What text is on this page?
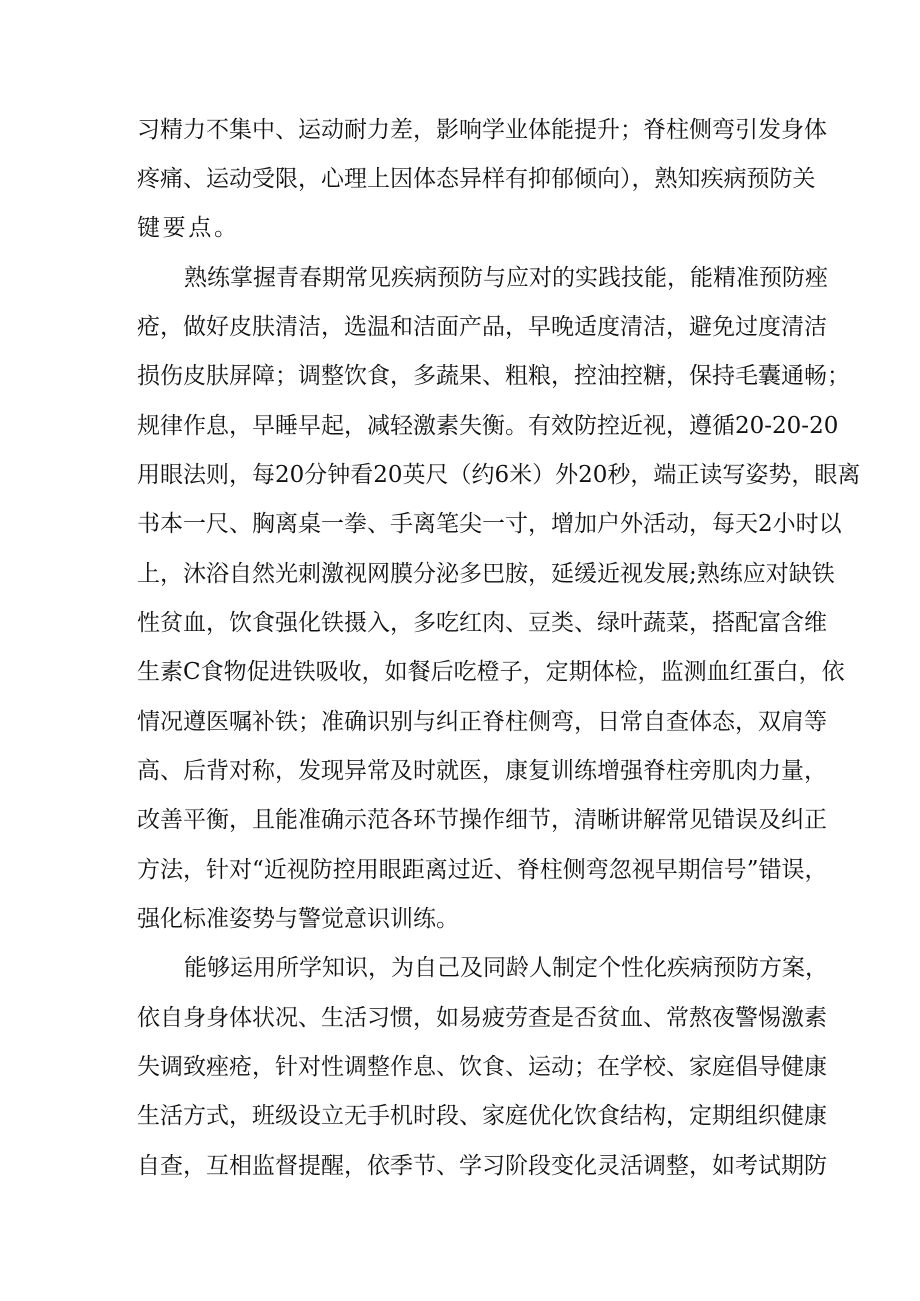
习精力不集中、运动耐力差，影响学业体能提升；脊柱侧弯引发身体
疼痛、运动受限，心理上因体态异样有抑郁倾向），熟知疾病预防关
键要点。
熟练掌握青春期常见疾病预防与应对的实践技能，能精准预防痤
疮，做好皮肤清洁，选温和洁面产品，早晚适度清洁，避免过度清洁
损伤皮肤屏障；调整饮食，多蔬果、粗粮，控油控糖，保持毛囊通畅；
规律作息，早睡早起，减轻激素失衡。有效防控近视，遵循20-20-20
用眼法则，每20分钟看20英尺（约6米）外20秒，端正读写姿势，眼离
书本一尺、胸离桌一拳、手离笔尖一寸，增加户外活动，每天2小时以
上，沐浴自然光刺激视网膜分泌多巴胺，延缓近视发展;熟练应对缺铁
性贫血，饮食强化铁摄入，多吃红肉、豆类、绿叶蔬菜，搭配富含维
生素C食物促进铁吸收，如餐后吃橙子，定期体检，监测血红蛋白，依
情况遵医嘱补铁；准确识别与纠正脊柱侧弯，日常自查体态，双肩等
高、后背对称，发现异常及时就医，康复训练增强脊柱旁肌肉力量，
改善平衡，且能准确示范各环节操作细节，清晰讲解常见错误及纠正
方法，针对“近视防控用眼距离过近、脊柱侧弯忽视早期信号”错误，
强化标准姿势与警觉意识训练。
能够运用所学知识，为自己及同龄人制定个性化疾病预防方案，
依自身身体状况、生活习惯，如易疲劳查是否贫血、常熬夜警惕激素
失调致痤疮，针对性调整作息、饮食、运动；在学校、家庭倡导健康
生活方式，班级设立无手机时段、家庭优化饮食结构，定期组织健康
自查，互相监督提醒，依季节、学习阶段变化灵活调整，如考试期防
